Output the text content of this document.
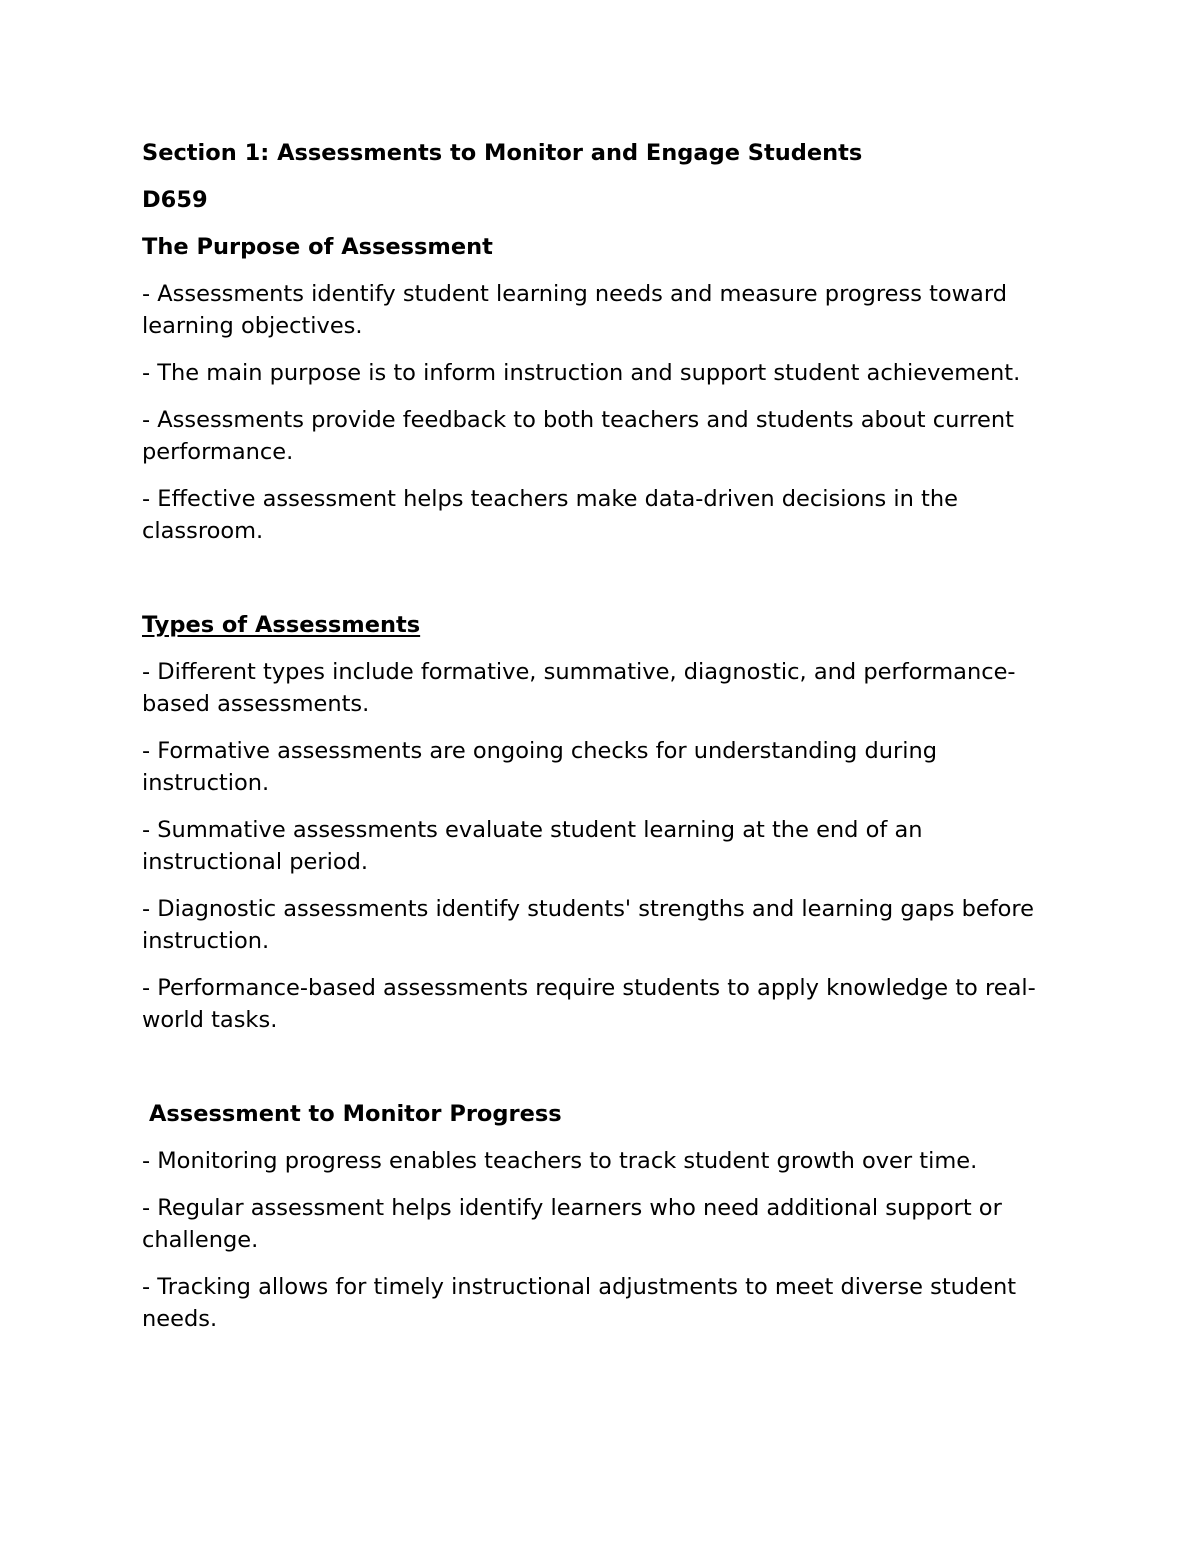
Section 1: Assessments to Monitor and Engage Students

D659

The Purpose of Assessment

- Assessments identify student learning needs and measure progress toward learning objectives.

- The main purpose is to inform instruction and support student achievement.

- Assessments provide feedback to both teachers and students about current performance.

- Effective assessment helps teachers make data-driven decisions in the classroom.

Types of Assessments

- Different types include formative, summative, diagnostic, and performance-based assessments.

- Formative assessments are ongoing checks for understanding during instruction.

- Summative assessments evaluate student learning at the end of an instructional period.

- Diagnostic assessments identify students' strengths and learning gaps before instruction.

- Performance-based assessments require students to apply knowledge to real-world tasks.

Assessment to Monitor Progress

- Monitoring progress enables teachers to track student growth over time.

- Regular assessment helps identify learners who need additional support or challenge.

- Tracking allows for timely instructional adjustments to meet diverse student needs.
